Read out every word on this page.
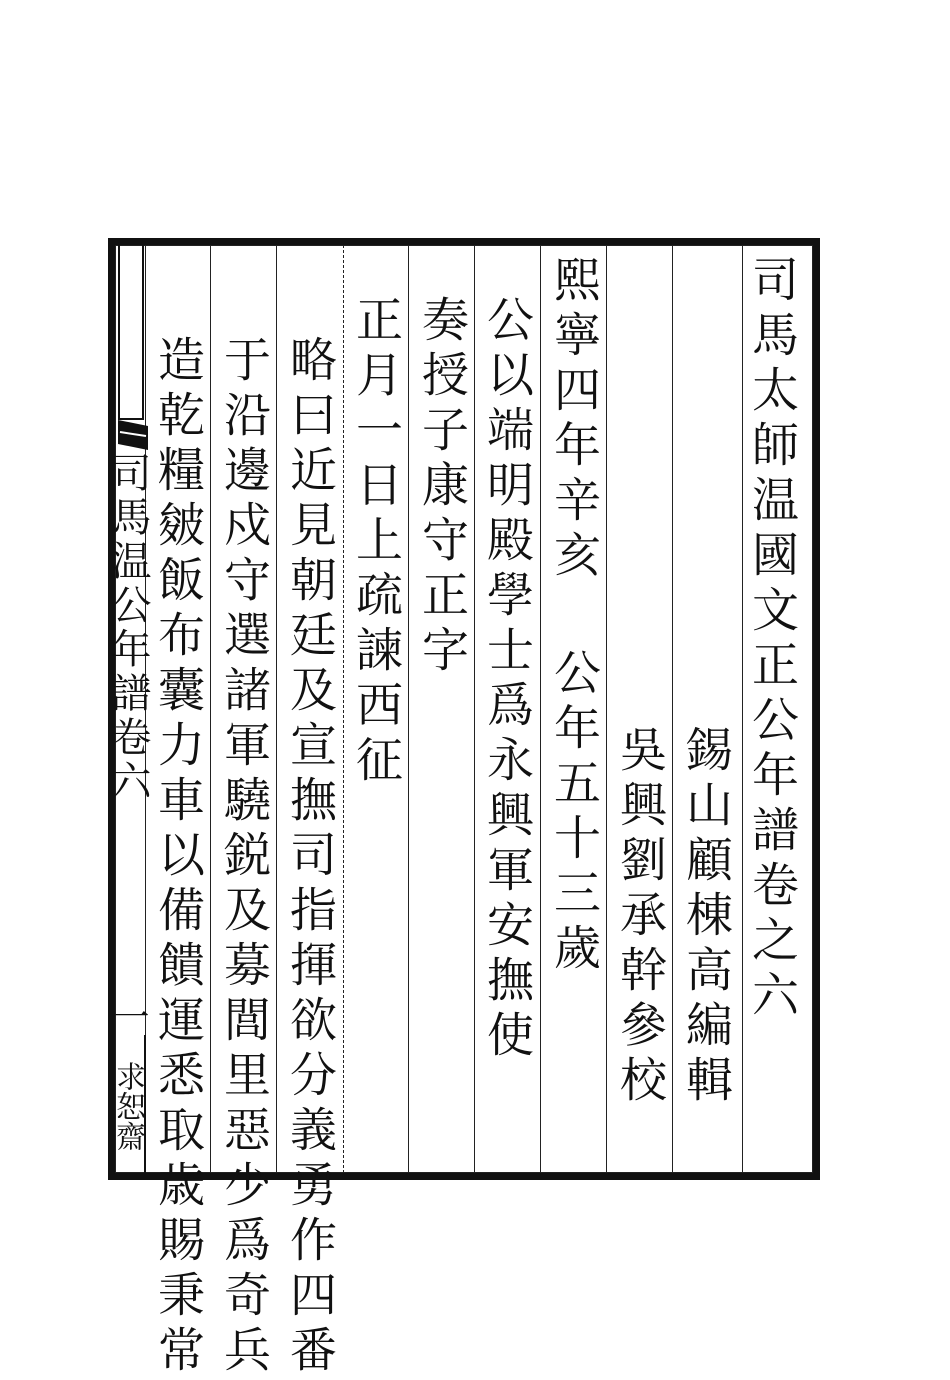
司馬太師温國文正公年譜卷之六
錫山顧棟高編輯
吳興劉承幹參校
熙寧四年辛亥
公年五十三歲
公以端明殿學士爲永興軍安撫使
奏授子康守正字
正月一日上疏諫西征
略曰近見朝廷及宣撫司指揮欲分義勇作四番
于沿邊戍守選諸軍驍鋭及募閭里惡少爲奇兵
造乾糧皴飯布囊力車以備饋運悉取歳賜秉常
司馬温公年譜卷六
一
求恕齋
